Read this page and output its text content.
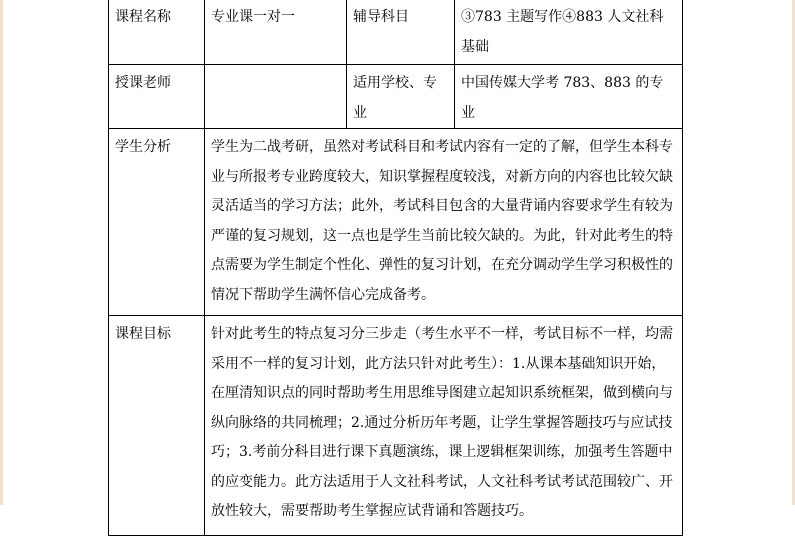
课程名称	专业课一对一	辅导科目	③783 主题写作④883 人文社科基础
授课老师		适用学校、专业	中国传媒大学考 783、883 的专业
学生分析	学生为二战考研，虽然对考试科目和考试内容有一定的了解，但学生本科专业与所报考专业跨度较大，知识掌握程度较浅，对新方向的内容也比较欠缺灵活适当的学习方法；此外，考试科目包含的大量背诵内容要求学生有较为严谨的复习规划，这一点也是学生当前比较欠缺的。为此，针对此考生的特点需要为学生制定个性化、弹性的复习计划，在充分调动学生学习积极性的情况下帮助学生满怀信心完成备考。		
课程目标	针对此考生的特点复习分三步走（考生水平不一样，考试目标不一样，均需采用不一样的复习计划，此方法只针对此考生）：1.从课本基础知识开始，在厘清知识点的同时帮助考生用思维导图建立起知识系统框架，做到横向与纵向脉络的共同梳理；2.通过分析历年考题，让学生掌握答题技巧与应试技巧；3.考前分科目进行课下真题演练，课上逻辑框架训练，加强考生答题中的应变能力。此方法适用于人文社科考试，人文社科考试考试范围较广、开放性较大，需要帮助考生掌握应试背诵和答题技巧。		
